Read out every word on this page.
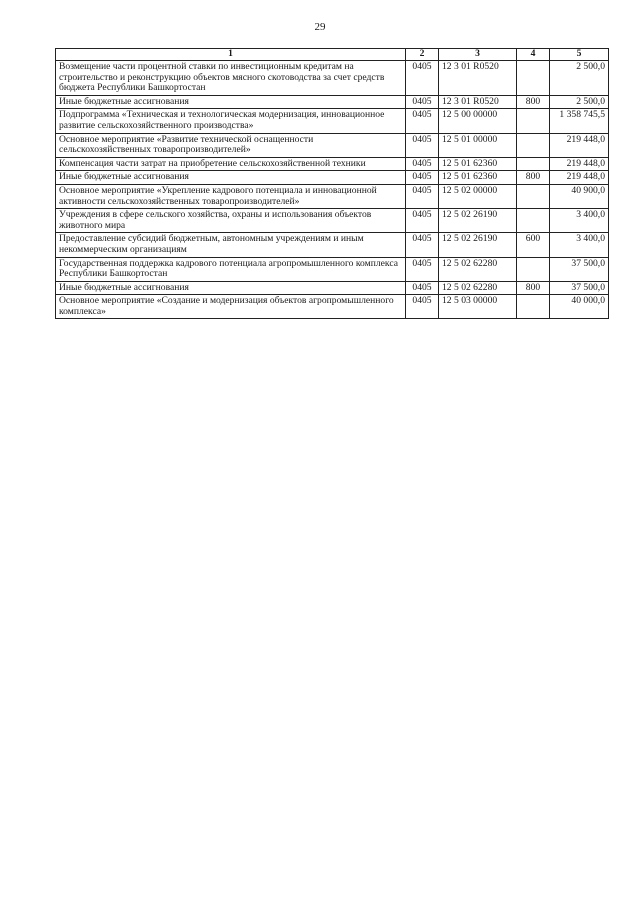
29
1	2	3	4	5
Возмещение части процентной ставки по инвестиционным кредитам на строительство и реконструкцию объектов мясного скотоводства за счет средств бюджета Республики Башкортостан	0405	12 3 01 R0520		2 500,0
Иные бюджетные ассигнования	0405	12 3 01 R0520	800	2 500,0
Подпрограмма «Техническая и технологическая модернизация, инновационное развитие сельскохозяйственного производства»	0405	12 5 00 00000		1 358 745,5
Основное мероприятие «Развитие технической оснащенности сельскохозяйственных товаропроизводителей»	0405	12 5 01 00000		219 448,0
Компенсация части затрат на приобретение сельскохозяйственной техники	0405	12 5 01 62360		219 448,0
Иные бюджетные ассигнования	0405	12 5 01 62360	800	219 448,0
Основное мероприятие «Укрепление кадрового потенциала и инновационной активности сельскохозяйственных товаропроизводителей»	0405	12 5 02 00000		40 900,0
Учреждения в сфере сельского хозяйства, охраны и использования объектов животного мира	0405	12 5 02 26190		3 400,0
Предоставление субсидий бюджетным, автономным учреждениям и иным некоммерческим организациям	0405	12 5 02 26190	600	3 400,0
Государственная поддержка кадрового потенциала агропромышленного комплекса Республики Башкортостан	0405	12 5 02 62280		37 500,0
Иные бюджетные ассигнования	0405	12 5 02 62280	800	37 500,0
Основное мероприятие «Создание и модернизация объектов агропромышленного комплекса»	0405	12 5 03 00000		40 000,0
